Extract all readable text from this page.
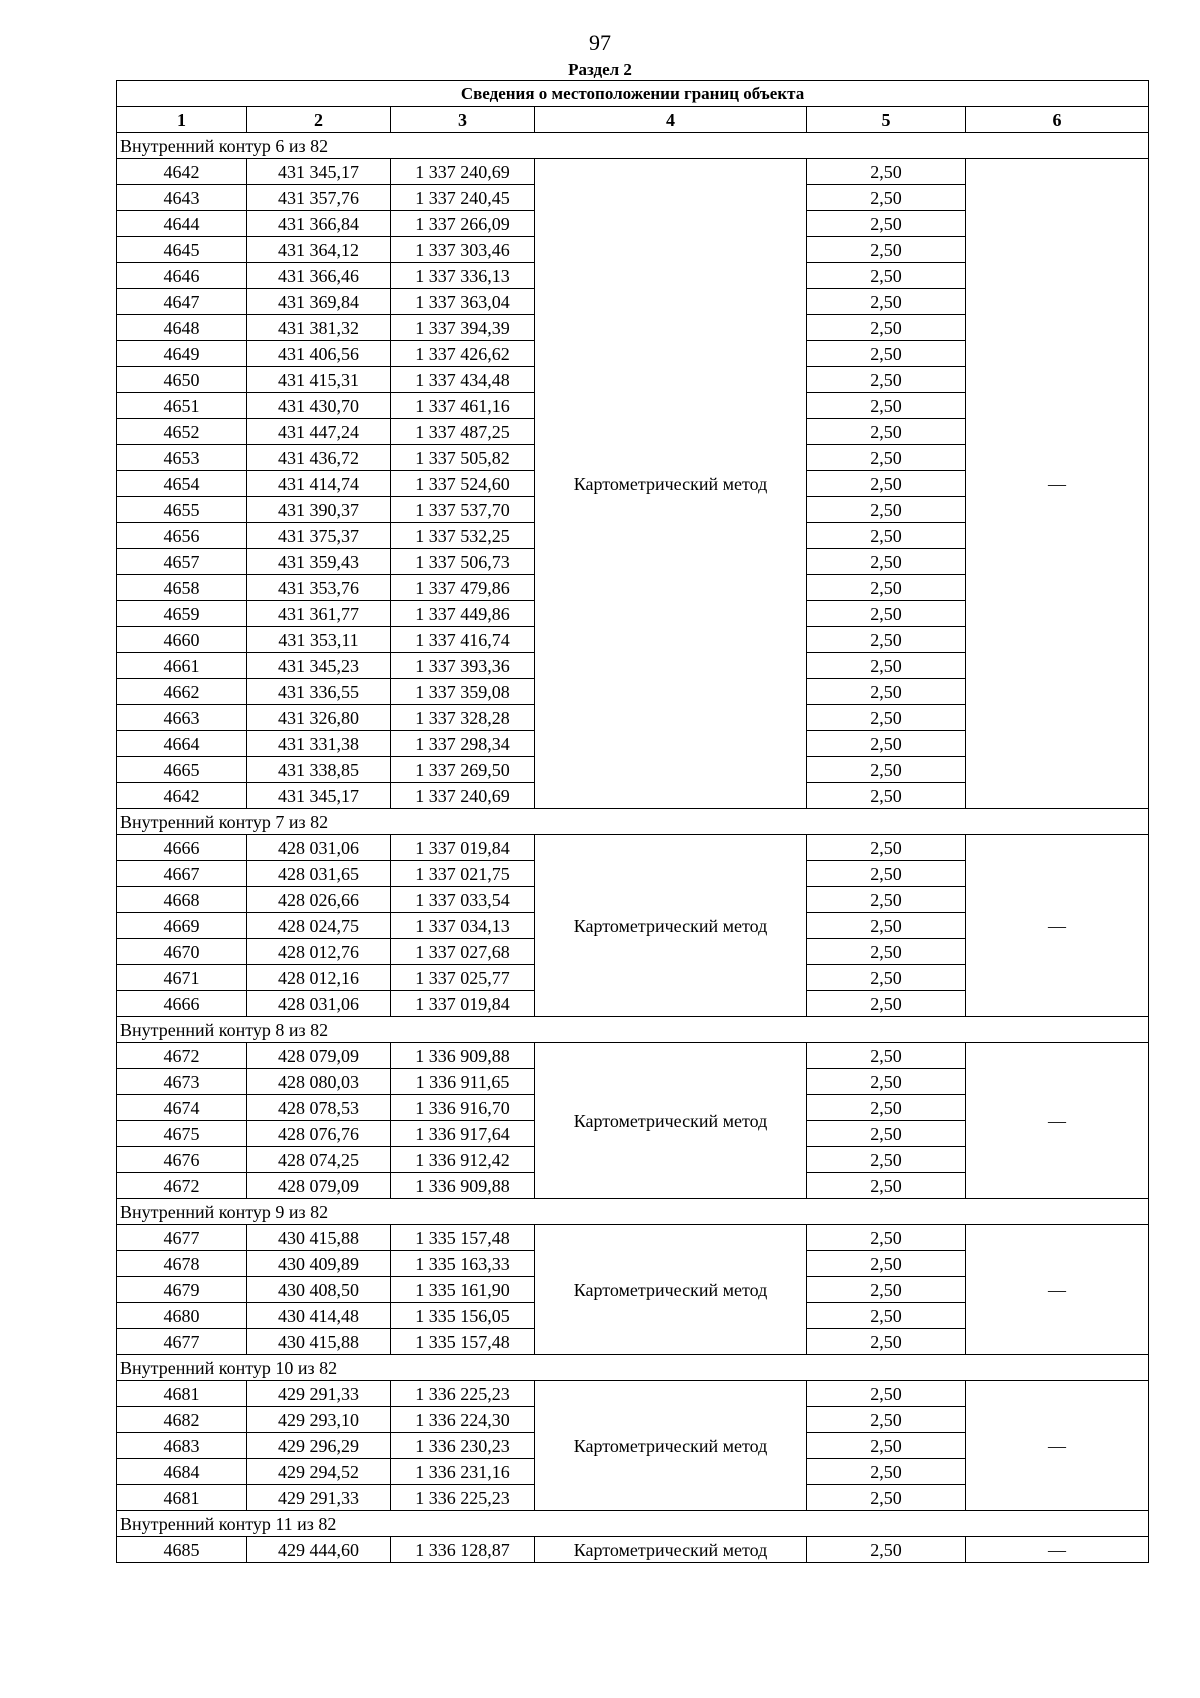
97
Раздел 2
Сведения о местоположении границ объекта					
1	2	3	4	5	6
Внутренний контур 6 из 82					
4642	431 345,17	1 337 240,69	Картометрический метод	2,50	—
4643	431 357,76	1 337 240,45		2,50	
4644	431 366,84	1 337 266,09		2,50	
4645	431 364,12	1 337 303,46		2,50	
4646	431 366,46	1 337 336,13		2,50	
4647	431 369,84	1 337 363,04		2,50	
4648	431 381,32	1 337 394,39		2,50	
4649	431 406,56	1 337 426,62		2,50	
4650	431 415,31	1 337 434,48		2,50	
4651	431 430,70	1 337 461,16		2,50	
4652	431 447,24	1 337 487,25		2,50	
4653	431 436,72	1 337 505,82		2,50	
4654	431 414,74	1 337 524,60		2,50	
4655	431 390,37	1 337 537,70		2,50	
4656	431 375,37	1 337 532,25		2,50	
4657	431 359,43	1 337 506,73		2,50	
4658	431 353,76	1 337 479,86		2,50	
4659	431 361,77	1 337 449,86		2,50	
4660	431 353,11	1 337 416,74		2,50	
4661	431 345,23	1 337 393,36		2,50	
4662	431 336,55	1 337 359,08		2,50	
4663	431 326,80	1 337 328,28		2,50	
4664	431 331,38	1 337 298,34		2,50	
4665	431 338,85	1 337 269,50		2,50	
4642	431 345,17	1 337 240,69		2,50	
Внутренний контур 7 из 82					
4666	428 031,06	1 337 019,84	Картометрический метод	2,50	—
4667	428 031,65	1 337 021,75		2,50	
4668	428 026,66	1 337 033,54		2,50	
4669	428 024,75	1 337 034,13		2,50	
4670	428 012,76	1 337 027,68		2,50	
4671	428 012,16	1 337 025,77		2,50	
4666	428 031,06	1 337 019,84		2,50	
Внутренний контур 8 из 82					
4672	428 079,09	1 336 909,88	Картометрический метод	2,50	—
4673	428 080,03	1 336 911,65		2,50	
4674	428 078,53	1 336 916,70		2,50	
4675	428 076,76	1 336 917,64		2,50	
4676	428 074,25	1 336 912,42		2,50	
4672	428 079,09	1 336 909,88		2,50	
Внутренний контур 9 из 82					
4677	430 415,88	1 335 157,48	Картометрический метод	2,50	—
4678	430 409,89	1 335 163,33		2,50	
4679	430 408,50	1 335 161,90		2,50	
4680	430 414,48	1 335 156,05		2,50	
4677	430 415,88	1 335 157,48		2,50	
Внутренний контур 10 из 82					
4681	429 291,33	1 336 225,23	Картометрический метод	2,50	—
4682	429 293,10	1 336 224,30		2,50	
4683	429 296,29	1 336 230,23		2,50	
4684	429 294,52	1 336 231,16		2,50	
4681	429 291,33	1 336 225,23		2,50	
Внутренний контур 11 из 82					
4685	429 444,60	1 336 128,87	Картометрический метод	2,50	—
